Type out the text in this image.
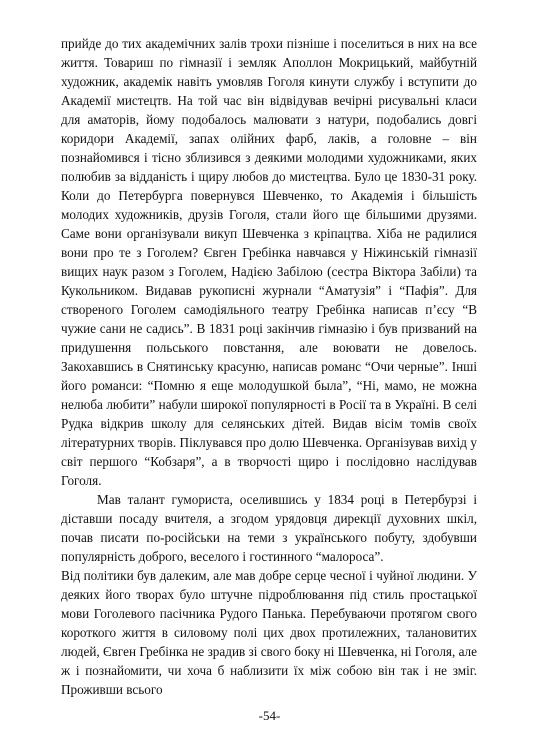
прийде до тих академічних залів трохи пізніше і поселиться в них на все життя. Товариш по гімназії і земляк Аполлон Мокрицький, майбутній художник, академік навіть умовляв Гоголя кинути службу і вступити до Академії мистецтв. На той час він відвідував вечірні рисувальні класи для аматорів, йому подобалось малювати з натури, подобались довгі коридори Академії, запах олійних фарб, лаків, а головне – він познайомився і тісно зблизився з деякими молодими художниками, яких полюбив за відданість і щиру любов до мистецтва. Було це 1830-31 року. Коли до Петербурга повернувся Шевченко, то Академія і більшість молодих художників, друзів Гоголя, стали його ще більшими друзями. Саме вони організували викуп Шевченка з кріпацтва. Хіба не радилися вони про те з Гоголем? Євген Гребінка навчався у Ніжинській гімназії вищих наук разом з Гоголем, Надією Забілою (сестра Віктора Забіли) та Кукольником. Видавав рукописні журнали “Аматузія” і “Пафія”. Для створеного Гоголем самодіяльного театру Гребінка написав п’єсу “В чужие сани не садись”. В 1831 році закінчив гімназію і був призваний на придушення польського повстання, але воювати не довелось. Закохавшись в Снятинську красуню, написав романс “Очи черные”. Інші його романси: “Помню я еще молодушкой была”, “Ні, мамо, не можна нелюба любити” набули широкої популярності в Росії та в Україні. В селі Рудка відкрив школу для селянських дітей. Видав вісім томів своїх літературних творів. Піклувався про долю Шевченка. Організував вихід у світ першого “Кобзаря”, а в творчості щиро і послідовно наслідував Гоголя.

Мав талант гумориста, оселившись у 1834 році в Петербурзі і діставши посаду вчителя, а згодом урядовця дирекції духовних шкіл, почав писати по-російськи на теми з українського побуту, здобувши популярність доброго, веселого і гостинного “малороса”.

Від політики був далеким, але мав добре серце чесної і чуйної людини. У деяких його творах було штучне підроблювання під стиль простацької мови Гоголевого пасічника Рудого Панька. Перебуваючи протягом свого короткого життя в силовому полі цих двох протилежних, талановитих людей, Євген Гребінка не зрадив зі свого боку ні Шевченка, ні Гоголя, але ж і познайомити, чи хоча б наблизити їх між собою він так і не зміг. Проживши всього

-54-
